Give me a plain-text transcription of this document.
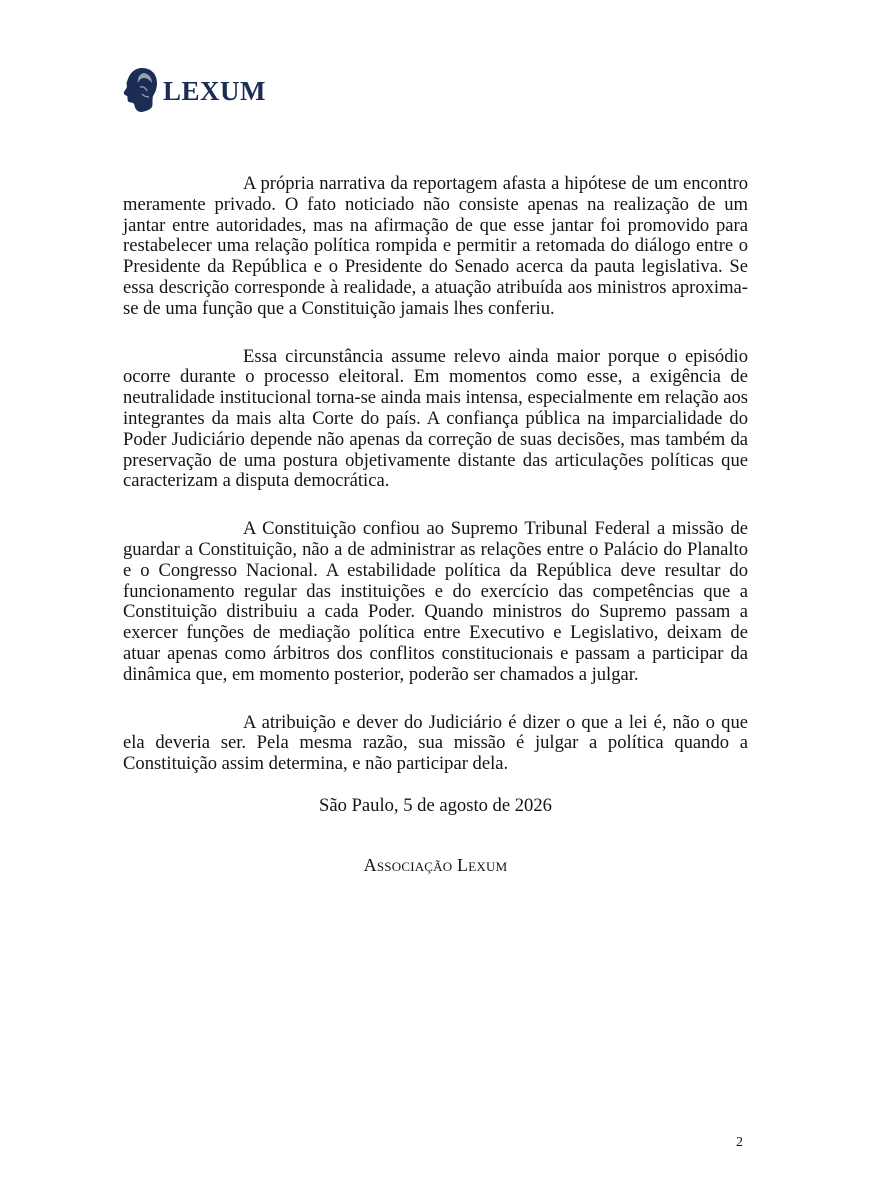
LEXUM

A própria narrativa da reportagem afasta a hipótese de um encontro meramente privado. O fato noticiado não consiste apenas na realização de um jantar entre autoridades, mas na afirmação de que esse jantar foi promovido para restabelecer uma relação política rompida e permitir a retomada do diálogo entre o Presidente da República e o Presidente do Senado acerca da pauta legislativa. Se essa descrição corresponde à realidade, a atuação atribuída aos ministros aproxima-se de uma função que a Constituição jamais lhes conferiu.

Essa circunstância assume relevo ainda maior porque o episódio ocorre durante o processo eleitoral. Em momentos como esse, a exigência de neutralidade institucional torna-se ainda mais intensa, especialmente em relação aos integrantes da mais alta Corte do país. A confiança pública na imparcialidade do Poder Judiciário depende não apenas da correção de suas decisões, mas também da preservação de uma postura objetivamente distante das articulações políticas que caracterizam a disputa democrática.

A Constituição confiou ao Supremo Tribunal Federal a missão de guardar a Constituição, não a de administrar as relações entre o Palácio do Planalto e o Congresso Nacional. A estabilidade política da República deve resultar do funcionamento regular das instituições e do exercício das competências que a Constituição distribuiu a cada Poder. Quando ministros do Supremo passam a exercer funções de mediação política entre Executivo e Legislativo, deixam de atuar apenas como árbitros dos conflitos constitucionais e passam a participar da dinâmica que, em momento posterior, poderão ser chamados a julgar.

A atribuição e dever do Judiciário é dizer o que a lei é, não o que ela deveria ser. Pela mesma razão, sua missão é julgar a política quando a Constituição assim determina, e não participar dela.

São Paulo, 5 de agosto de 2026
Associação Lexum
2
